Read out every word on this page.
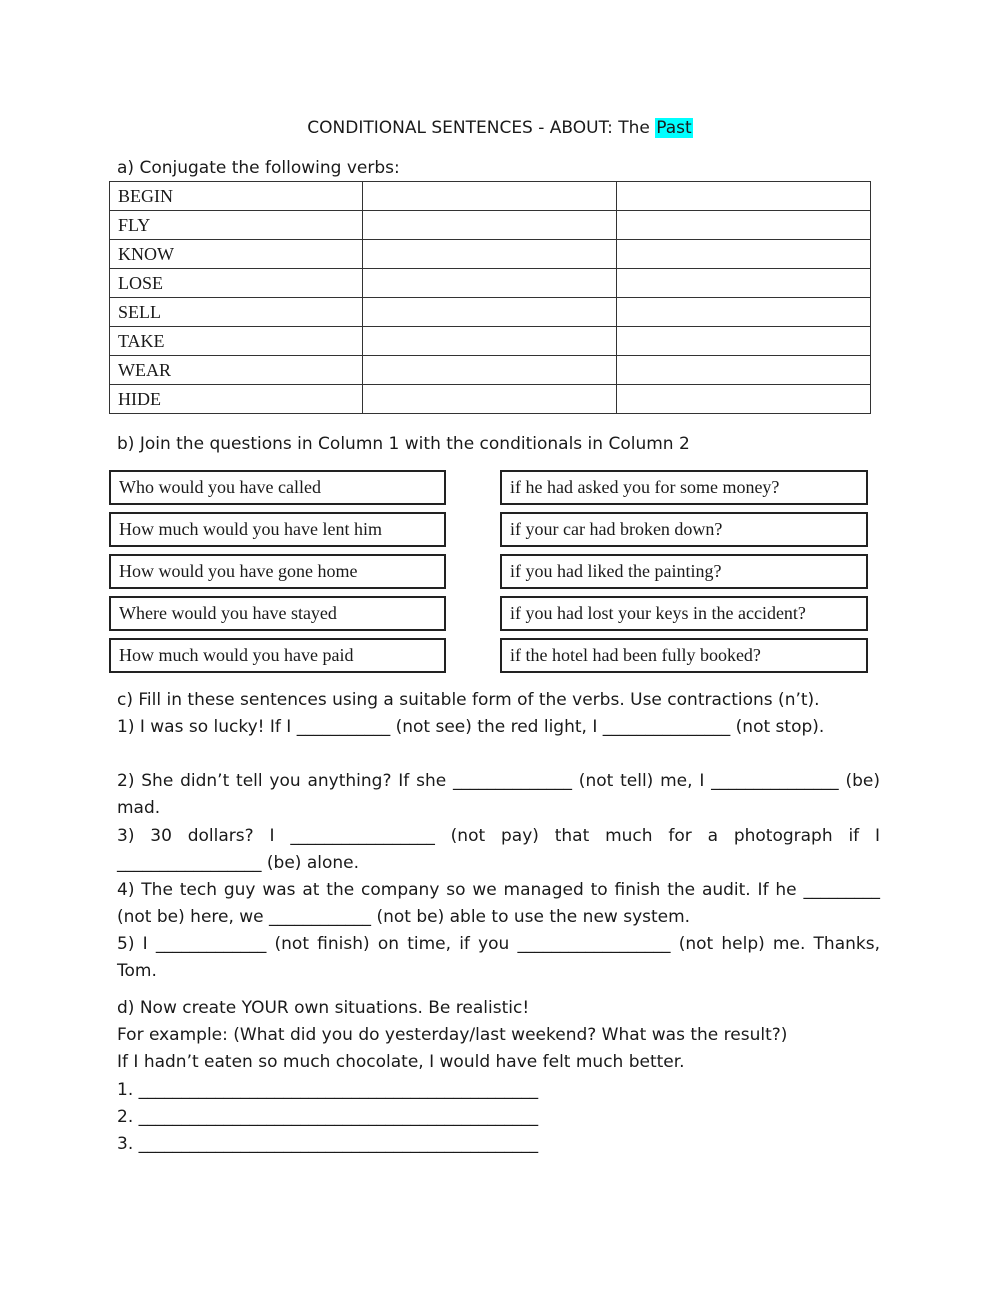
CONDITIONAL SENTENCES - ABOUT: The Past
a) Conjugate the following verbs:
BEGIN		
FLY		
KNOW		
LOSE		
SELL		
TAKE		
WEAR		
HIDE		
b) Join the questions in Column 1 with the conditionals in Column 2
Who would you have called
How much would you have lent him
How would you have gone home
Where would you have stayed
How much would you have paid
if he had asked you for some money?
if your car had broken down?
if you had liked the painting?
if you had lost your keys in the accident?
if the hotel had been fully booked?
c) Fill in these sentences using a suitable form of the verbs. Use contractions (n’t).
1) I was so lucky! If I ___________ (not see) the red light, I _______________ (not stop).
2) She didn’t tell you anything? If she ______________ (not tell) me, I _______________ (be) mad.
3) 30 dollars? I _________________ (not pay) that much for a photograph if I _________________ (be) alone.
4) The tech guy was at the company so we managed to finish the audit. If he _________ (not be) here, we ____________ (not be) able to use the new system.
5) I _____________ (not finish) on time, if you __________________ (not help) me. Thanks, Tom.
d) Now create YOUR own situations. Be realistic!
For example: (What did you do yesterday/last weekend? What was the result?)
If I hadn’t eaten so much chocolate, I would have felt much better.
1. _______________________________________________
2. _______________________________________________
3. _______________________________________________
